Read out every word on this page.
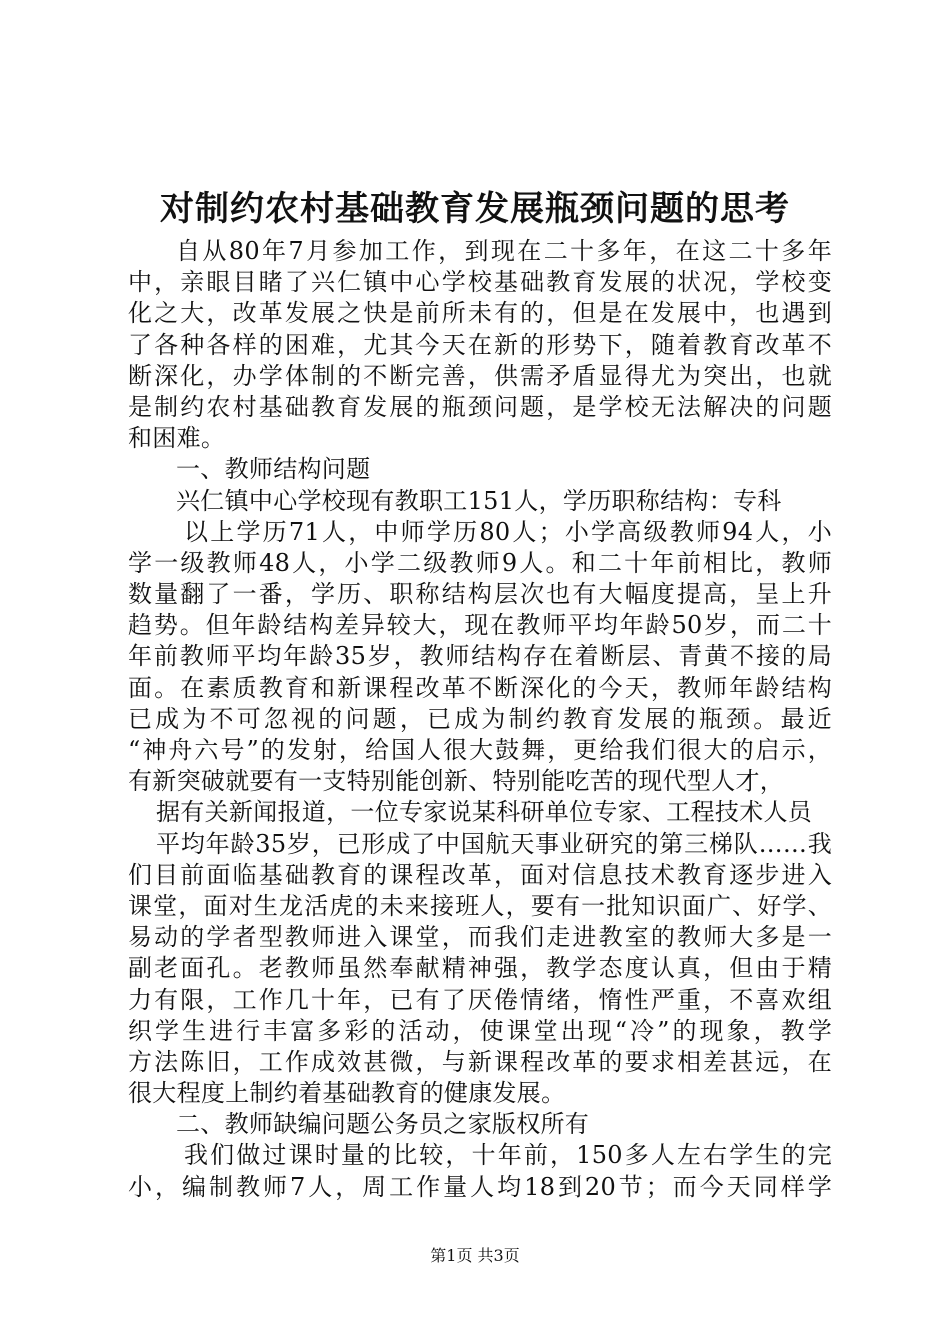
对制约农村基础教育发展瓶颈问题的思考
自从80年7月参加工作，到现在二十多年，在这二十多年
中，亲眼目睹了兴仁镇中心学校基础教育发展的状况，学校变
化之大，改革发展之快是前所未有的，但是在发展中，也遇到
了各种各样的困难，尤其今天在新的形势下，随着教育改革不
断深化，办学体制的不断完善，供需矛盾显得尤为突出，也就
是制约农村基础教育发展的瓶颈问题，是学校无法解决的问题
和困难。
一、教师结构问题
兴仁镇中心学校现有教职工151人，学历职称结构：专科
以上学历71人，中师学历80人；小学高级教师94人，小
学一级教师48人，小学二级教师9人。和二十年前相比，教师
数量翻了一番，学历、职称结构层次也有大幅度提高，呈上升
趋势。但年龄结构差异较大，现在教师平均年龄50岁，而二十
年前教师平均年龄35岁，教师结构存在着断层、青黄不接的局
面。在素质教育和新课程改革不断深化的今天，教师年龄结构
已成为不可忽视的问题，已成为制约教育发展的瓶颈。最近
“神舟六号”的发射，给国人很大鼓舞，更给我们很大的启示，
有新突破就要有一支特别能创新、特别能吃苦的现代型人才，
据有关新闻报道，一位专家说某科研单位专家、工程技术人员
平均年龄35岁，已形成了中国航天事业研究的第三梯队……我
们目前面临基础教育的课程改革，面对信息技术教育逐步进入
课堂，面对生龙活虎的未来接班人，要有一批知识面广、好学、
易动的学者型教师进入课堂，而我们走进教室的教师大多是一
副老面孔。老教师虽然奉献精神强，教学态度认真，但由于精
力有限，工作几十年，已有了厌倦情绪，惰性严重，不喜欢组
织学生进行丰富多彩的活动，使课堂出现“冷”的现象，教学
方法陈旧，工作成效甚微，与新课程改革的要求相差甚远，在
很大程度上制约着基础教育的健康发展。
二、教师缺编问题公务员之家版权所有
我们做过课时量的比较，十年前，150多人左右学生的完
小，编制教师7人，周工作量人均18到20节；而今天同样学
第1页 共3页
